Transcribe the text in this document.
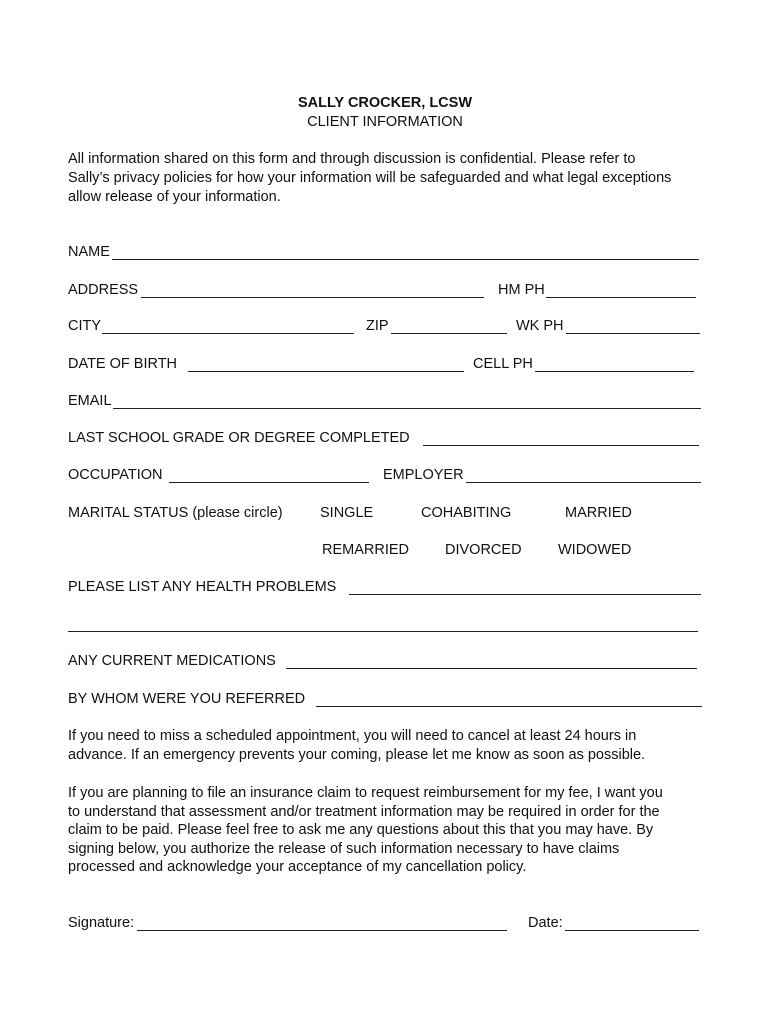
SALLY CROCKER, LCSW
CLIENT INFORMATION
All information shared on this form and through discussion is confidential. Please refer to
Sally’s privacy policies for how your information will be safeguarded and what legal exceptions
allow release of your information.
NAME
ADDRESS	HM PH
CITY	ZIP	WK PH
DATE OF BIRTH	CELL PH
EMAIL
LAST SCHOOL GRADE OR DEGREE COMPLETED
OCCUPATION	EMPLOYER
MARITAL STATUS (please circle)	SINGLE	COHABITING	MARRIED
REMARRIED DIVORCED	WIDOWED
PLEASE LIST ANY HEALTH PROBLEMS
ANY CURRENT MEDICATIONS
BY WHOM WERE YOU REFERRED
If you need to miss a scheduled appointment, you will need to cancel at least 24 hours in
advance. If an emergency prevents your coming, please let me know as soon as possible.
If you are planning to file an insurance claim to request reimbursement for my fee, I want you
to understand that assessment and/or treatment information may be required in order for the
claim to be paid. Please feel free to ask me any questions about this that you may have. By
signing below, you authorize the release of such information necessary to have claims
processed and acknowledge your acceptance of my cancellation policy.
Signature:	Date:
